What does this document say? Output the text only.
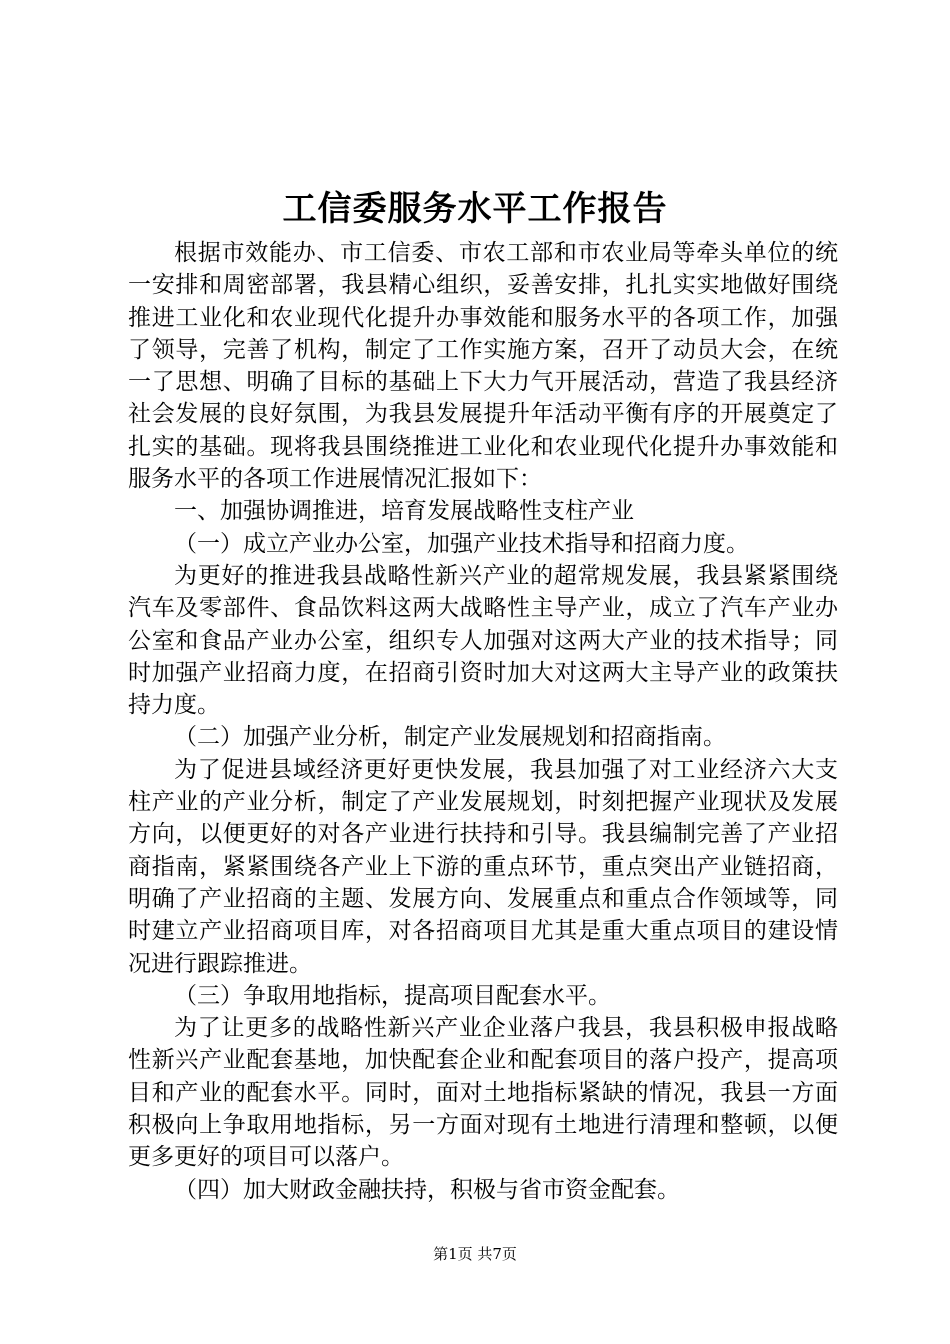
工信委服务水平工作报告

根据市效能办、市工信委、市农工部和市农业局等牵头单位的统一安排和周密部署，我县精心组织，妥善安排，扎扎实实地做好围绕推进工业化和农业现代化提升办事效能和服务水平的各项工作，加强了领导，完善了机构，制定了工作实施方案，召开了动员大会，在统一了思想、明确了目标的基础上下大力气开展活动，营造了我县经济社会发展的良好氛围，为我县发展提升年活动平衡有序的开展奠定了扎实的基础。现将我县围绕推进工业化和农业现代化提升办事效能和服务水平的各项工作进展情况汇报如下：

一、加强协调推进，培育发展战略性支柱产业

（一）成立产业办公室，加强产业技术指导和招商力度。

为更好的推进我县战略性新兴产业的超常规发展，我县紧紧围绕汽车及零部件、食品饮料这两大战略性主导产业，成立了汽车产业办公室和食品产业办公室，组织专人加强对这两大产业的技术指导；同时加强产业招商力度，在招商引资时加大对这两大主导产业的政策扶持力度。

（二）加强产业分析，制定产业发展规划和招商指南。

为了促进县域经济更好更快发展，我县加强了对工业经济六大支柱产业的产业分析，制定了产业发展规划，时刻把握产业现状及发展方向，以便更好的对各产业进行扶持和引导。我县编制完善了产业招商指南，紧紧围绕各产业上下游的重点环节，重点突出产业链招商，明确了产业招商的主题、发展方向、发展重点和重点合作领域等，同时建立产业招商项目库，对各招商项目尤其是重大重点项目的建设情况进行跟踪推进。

（三）争取用地指标，提高项目配套水平。

为了让更多的战略性新兴产业企业落户我县，我县积极申报战略性新兴产业配套基地，加快配套企业和配套项目的落户投产，提高项目和产业的配套水平。同时，面对土地指标紧缺的情况，我县一方面积极向上争取用地指标，另一方面对现有土地进行清理和整顿，以便更多更好的项目可以落户。

（四）加大财政金融扶持，积极与省市资金配套。

第1页 共7页
